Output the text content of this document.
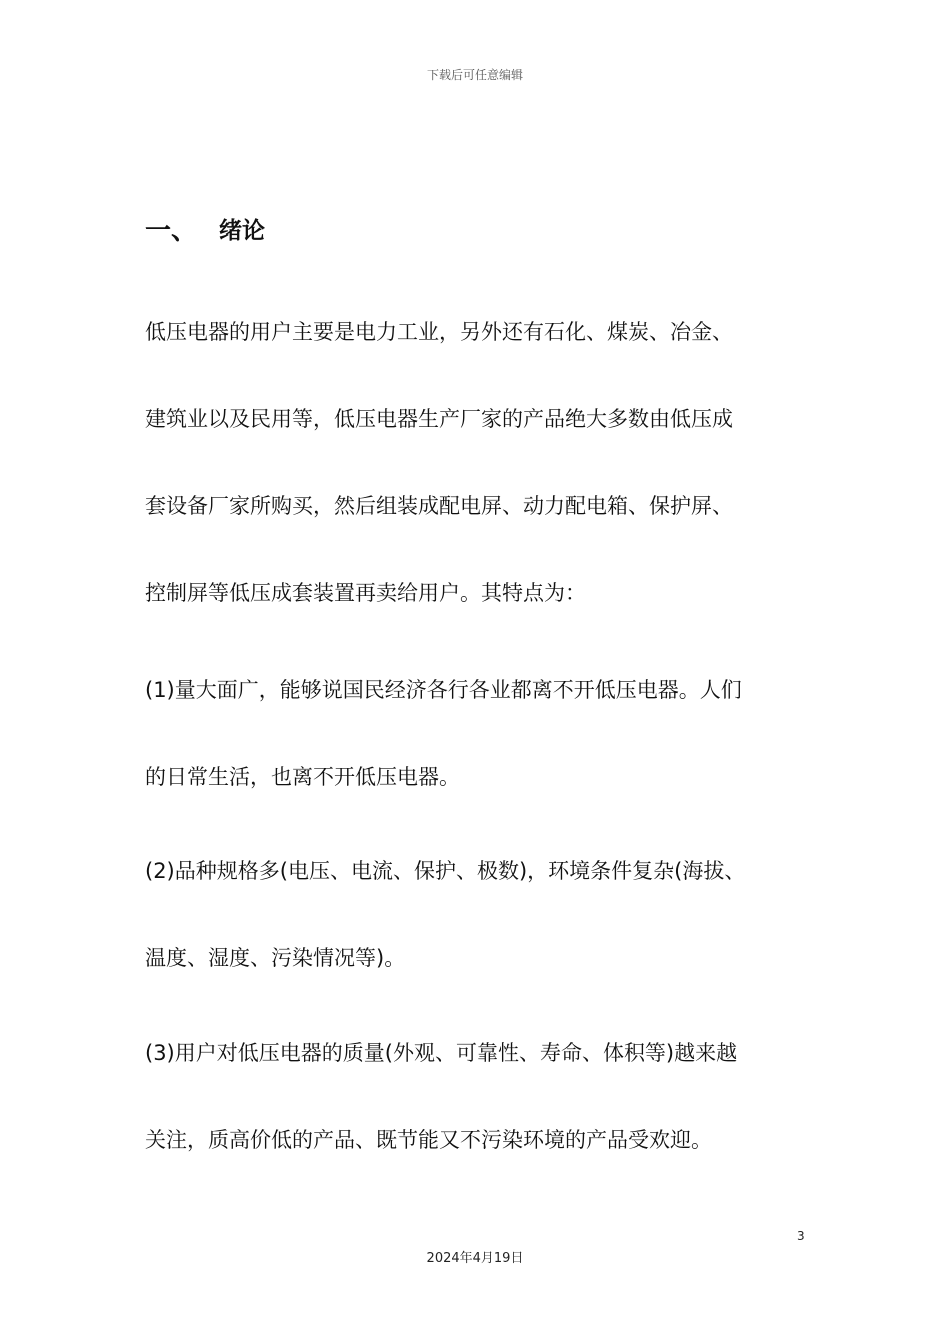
下载后可任意编辑
一、 绪论
低压电器的用户主要是电力工业，另外还有石化、煤炭、冶金、
建筑业以及民用等，低压电器生产厂家的产品绝大多数由低压成
套设备厂家所购买，然后组装成配电屏、动力配电箱、保护屏、
控制屏等低压成套装置再卖给用户。其特点为：
(1)量大面广，能够说国民经济各行各业都离不开低压电器。人们
的日常生活，也离不开低压电器。
(2)品种规格多(电压、电流、保护、极数)，环境条件复杂(海拔、
温度、湿度、污染情况等)。
(3)用户对低压电器的质量(外观、可靠性、寿命、体积等)越来越
关注，质高价低的产品、既节能又不污染环境的产品受欢迎。
3
2024年4月19日
